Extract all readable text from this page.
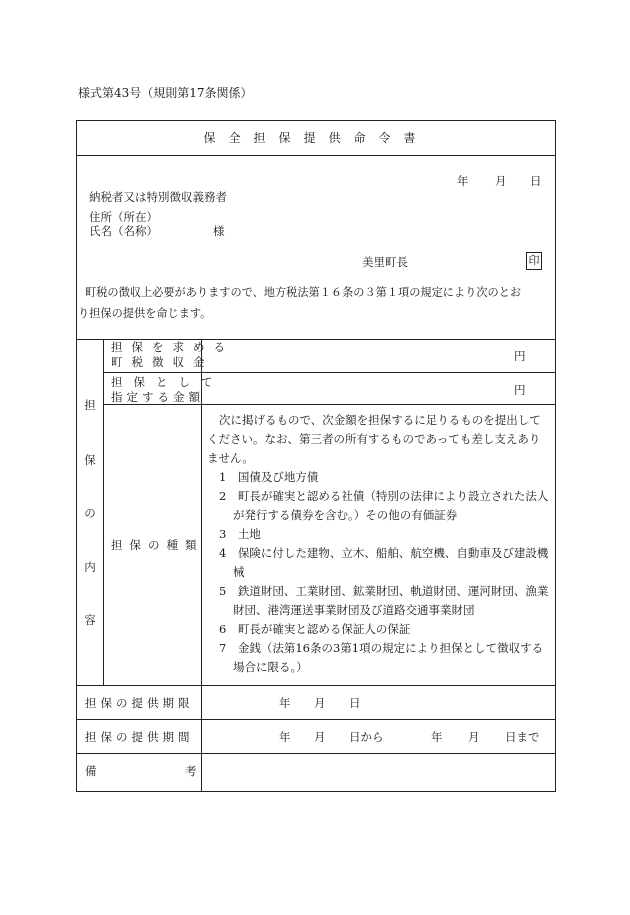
様式第43号（規則第17条関係）
保全担保提供命令書
年 月 日
納税者又は特別徴収義務者
住所（所在）
氏名（名称）	様
美里町長	印
町税の徴収上必要がありますので、地方税法第１６条の３第１項の規定により次のとお
り担保の提供を命じます。
担
保
の
内
容
担保を求める
町税徴収金	円
担保として
指定する金額	円
担保の種類

次に掲げるもので、次金額を担保するに足りるものを提出してください。なお、第三者の所有するものであっても差し支えありません。

1　国債及び地方債

2　町長が確実と認める社債（特別の法律により設立された法人が発行する債券を含む。）その他の有価証券

3　土地

4　保険に付した建物、立木、船舶、航空機、自動車及び建設機械

5　鉄道財団、工業財団、鉱業財団、軌道財団、運河財団、漁業財団、港湾運送事業財団及び道路交通事業財団

6　町長が確実と認める保証人の保証

7　金銭（法第16条の3第1項の規定により担保として徴収する場合に限る。）

担保の提供期限	年 月 日
担保の提供期間	年 月 日から	年 月 日まで
備	考
